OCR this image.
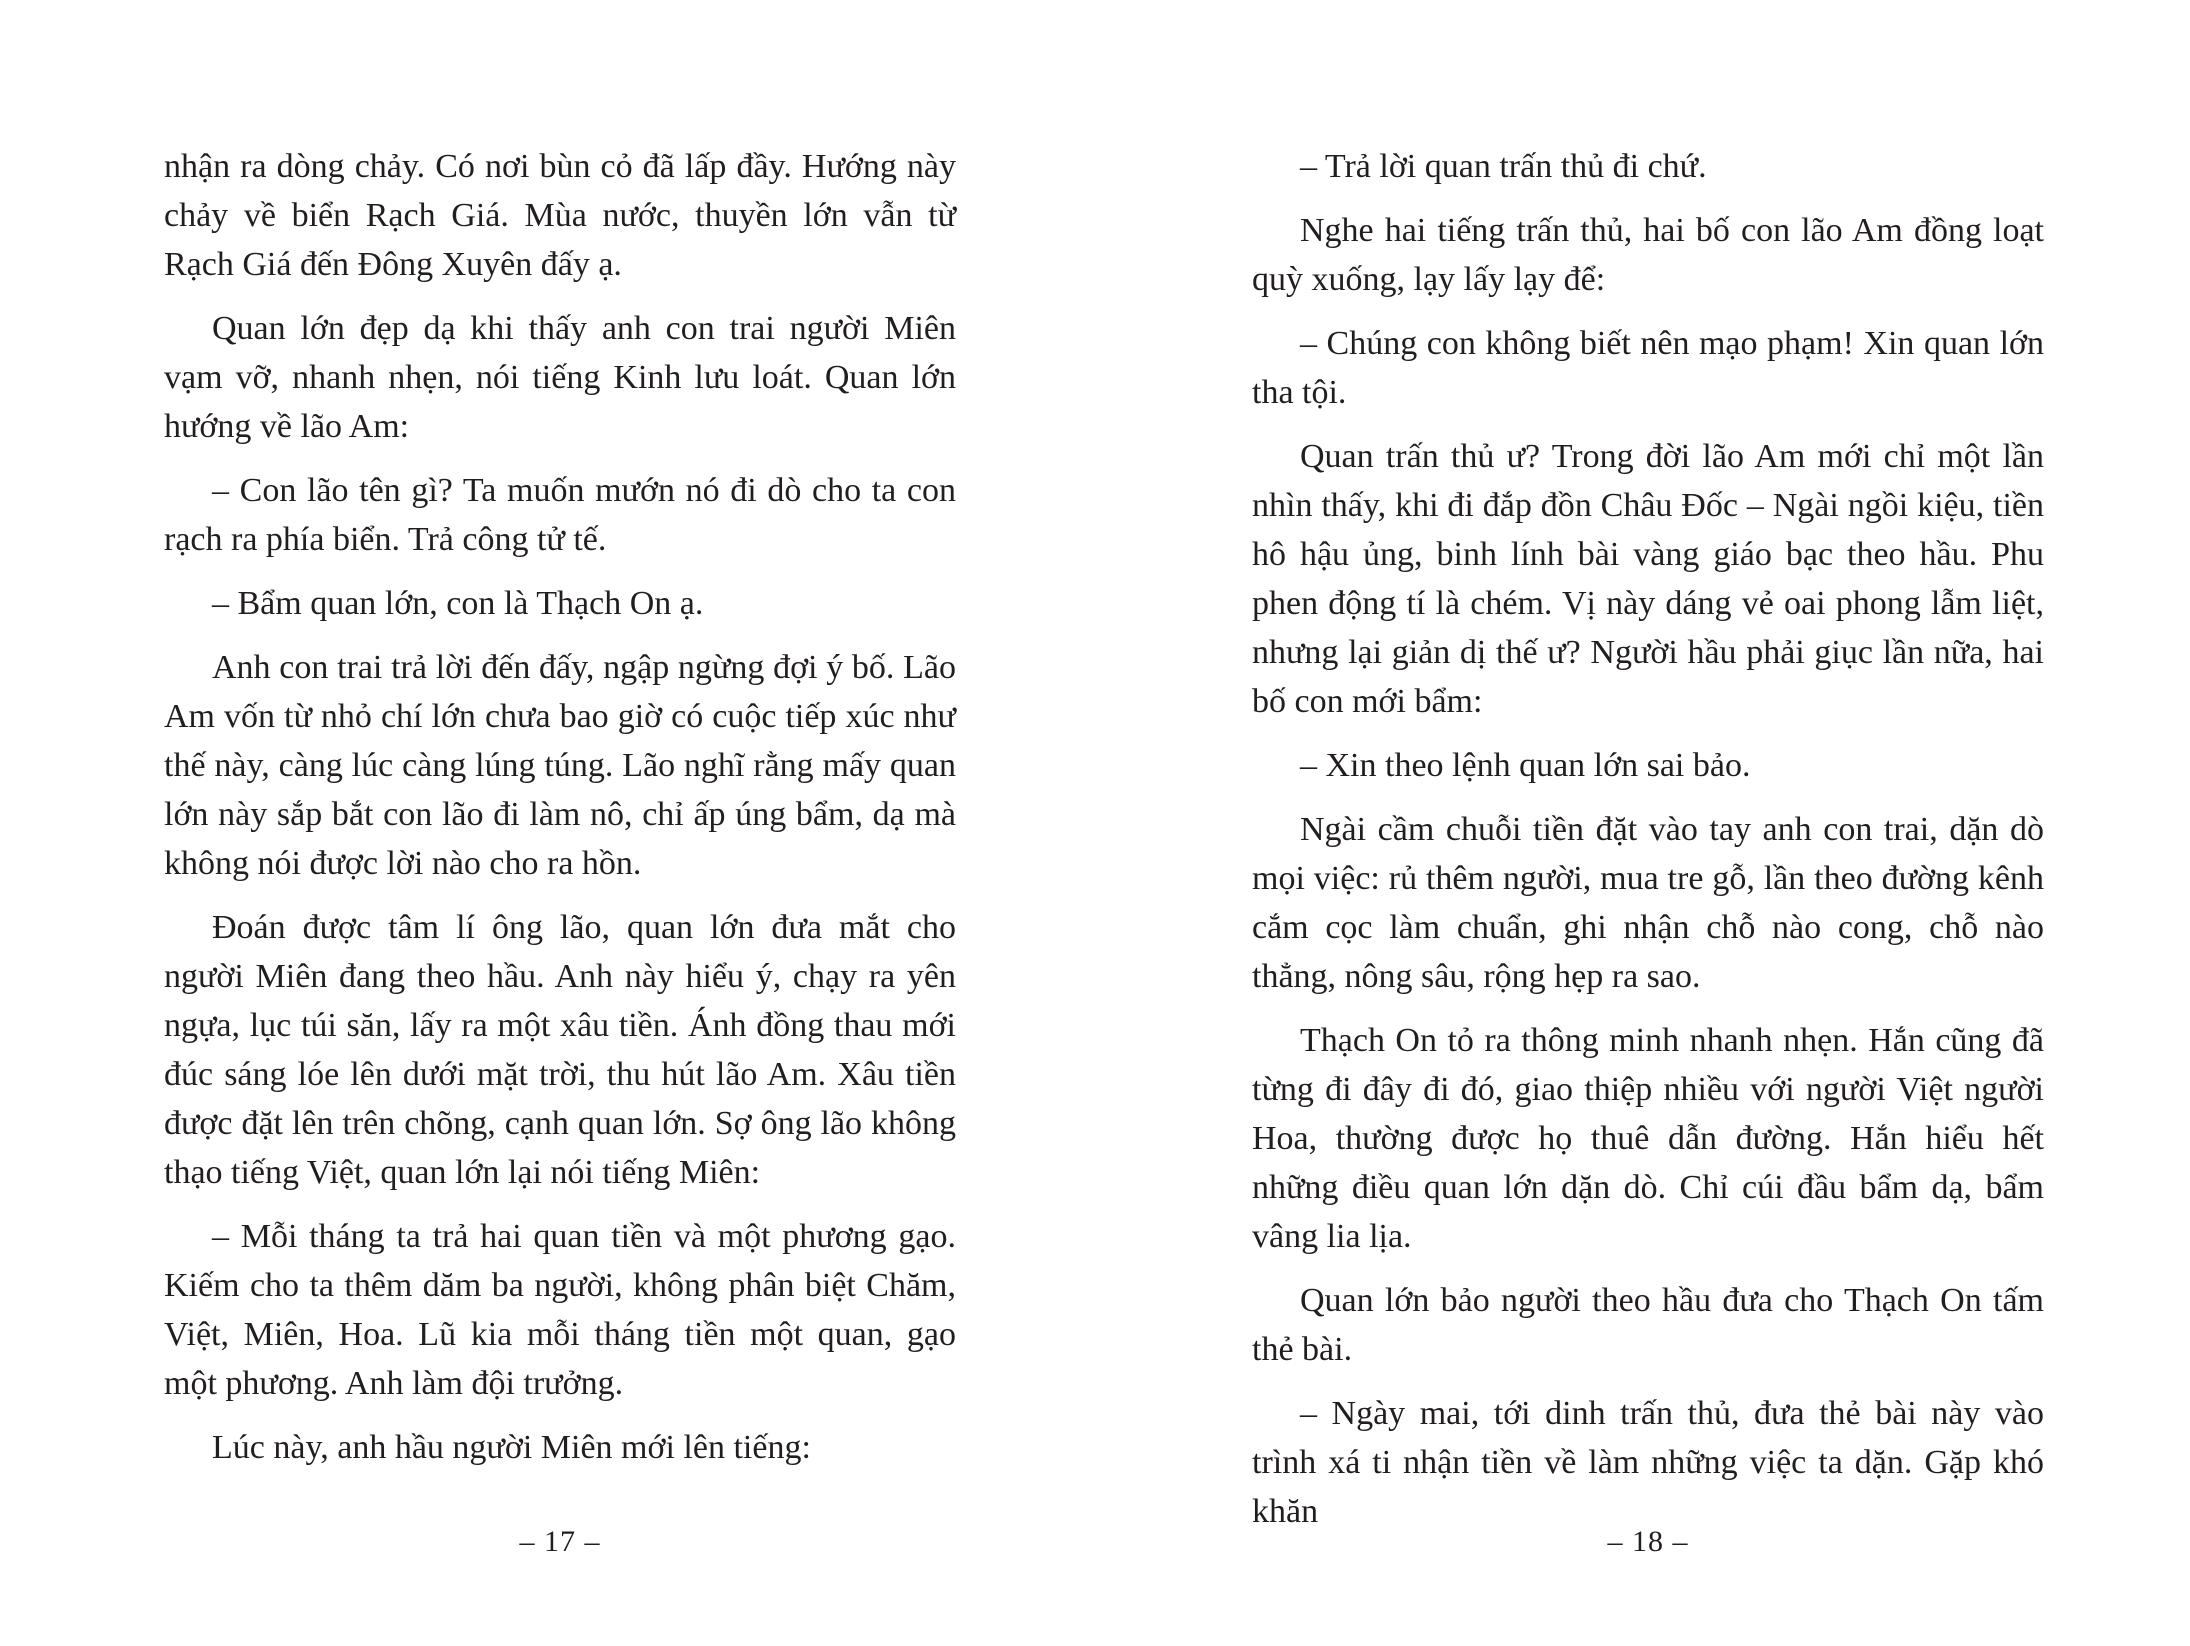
nhận ra dòng chảy. Có nơi bùn cỏ đã lấp đầy. Hướng này chảy về biển Rạch Giá. Mùa nước, thuyền lớn vẫn từ Rạch Giá đến Đông Xuyên đấy ạ.

Quan lớn đẹp dạ khi thấy anh con trai người Miên vạm vỡ, nhanh nhẹn, nói tiếng Kinh lưu loát. Quan lớn hướng về lão Am:

– Con lão tên gì? Ta muốn mướn nó đi dò cho ta con rạch ra phía biển. Trả công tử tế.

– Bẩm quan lớn, con là Thạch On ạ.

Anh con trai trả lời đến đấy, ngập ngừng đợi ý bố. Lão Am vốn từ nhỏ chí lớn chưa bao giờ có cuộc tiếp xúc như thế này, càng lúc càng lúng túng. Lão nghĩ rằng mấy quan lớn này sắp bắt con lão đi làm nô, chỉ ấp úng bẩm, dạ mà không nói được lời nào cho ra hồn.

Đoán được tâm lí ông lão, quan lớn đưa mắt cho người Miên đang theo hầu. Anh này hiểu ý, chạy ra yên ngựa, lục túi săn, lấy ra một xâu tiền. Ánh đồng thau mới đúc sáng lóe lên dưới mặt trời, thu hút lão Am. Xâu tiền được đặt lên trên chõng, cạnh quan lớn. Sợ ông lão không thạo tiếng Việt, quan lớn lại nói tiếng Miên:

– Mỗi tháng ta trả hai quan tiền và một phương gạo. Kiếm cho ta thêm dăm ba người, không phân biệt Chăm, Việt, Miên, Hoa. Lũ kia mỗi tháng tiền một quan, gạo một phương. Anh làm đội trưởng.

Lúc này, anh hầu người Miên mới lên tiếng:

– 17 –

– Trả lời quan trấn thủ đi chứ.

Nghe hai tiếng trấn thủ, hai bố con lão Am đồng loạt quỳ xuống, lạy lấy lạy để:

– Chúng con không biết nên mạo phạm! Xin quan lớn tha tội.

Quan trấn thủ ư? Trong đời lão Am mới chỉ một lần nhìn thấy, khi đi đắp đồn Châu Đốc – Ngài ngồi kiệu, tiền hô hậu ủng, binh lính bài vàng giáo bạc theo hầu. Phu phen động tí là chém. Vị này dáng vẻ oai phong lẫm liệt, nhưng lại giản dị thế ư? Người hầu phải giục lần nữa, hai bố con mới bẩm:

– Xin theo lệnh quan lớn sai bảo.

Ngài cầm chuỗi tiền đặt vào tay anh con trai, dặn dò mọi việc: rủ thêm người, mua tre gỗ, lần theo đường kênh cắm cọc làm chuẩn, ghi nhận chỗ nào cong, chỗ nào thẳng, nông sâu, rộng hẹp ra sao.

Thạch On tỏ ra thông minh nhanh nhẹn. Hắn cũng đã từng đi đây đi đó, giao thiệp nhiều với người Việt người Hoa, thường được họ thuê dẫn đường. Hắn hiểu hết những điều quan lớn dặn dò. Chỉ cúi đầu bẩm dạ, bẩm vâng lia lịa.

Quan lớn bảo người theo hầu đưa cho Thạch On tấm thẻ bài.

– Ngày mai, tới dinh trấn thủ, đưa thẻ bài này vào trình xá ti nhận tiền về làm những việc ta dặn. Gặp khó khăn

– 18 –
